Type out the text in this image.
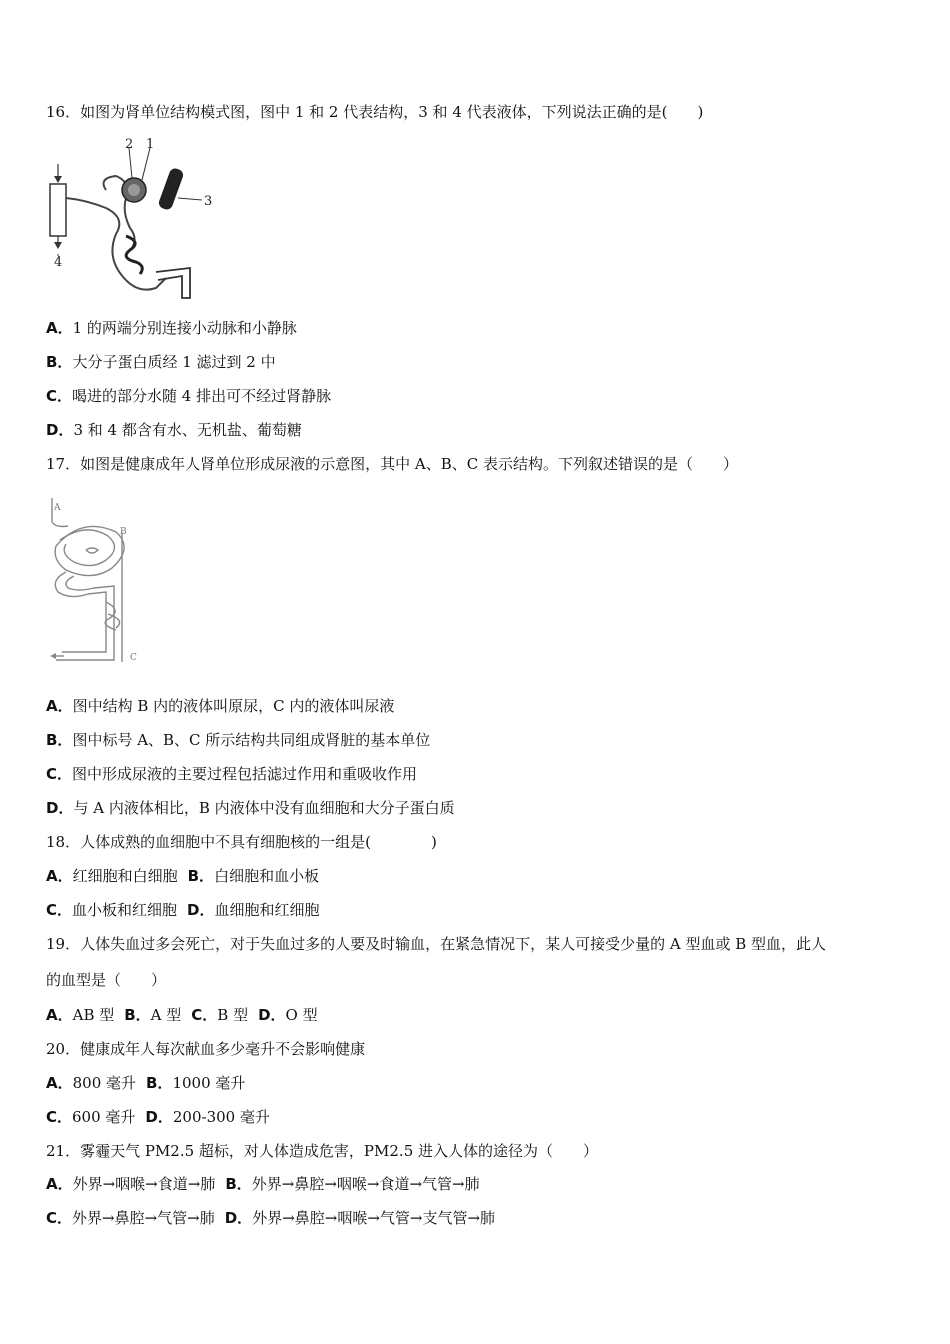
16．如图为肾单位结构模式图，图中 1 和 2 代表结构，3 和 4 代表液体，下列说法正确的是(　　)
2 1
3
4
A．1 的两端分别连接小动脉和小静脉
B．大分子蛋白质经 1 滤过到 2 中
C．喝进的部分水随 4 排出可不经过肾静脉
D．3 和 4 都含有水、无机盐、葡萄糖
17．如图是健康成年人肾单位形成尿液的示意图，其中 A、B、C 表示结构。下列叙述错误的是（　　）
A
B
C
A．图中结构 B 内的液体叫原尿，C 内的液体叫尿液
B．图中标号 A、B、C 所示结构共同组成肾脏的基本单位
C．图中形成尿液的主要过程包括滤过作用和重吸收作用
D．与 A 内液体相比，B 内液体中没有血细胞和大分子蛋白质
18．人体成熟的血细胞中不具有细胞核的一组是(　　　　)
A．红细胞和白细胞 B．白细胞和血小板
C．血小板和红细胞 D．血细胞和红细胞
19．人体失血过多会死亡，对于失血过多的人要及时输血，在紧急情况下，某人可接受少量的 A 型血或 B 型血，此人
的血型是（　　）
A．AB 型 B．A 型 C．B 型 D．O 型
20．健康成年人每次献血多少毫升不会影响健康
A．800 毫升 B．1000 毫升
C．600 毫升 D．200-300 毫升
21．雾霾天气 PM2.5 超标，对人体造成危害，PM2.5 进入人体的途径为（　　）
A．外界→咽喉→食道→肺 B．外界→鼻腔→咽喉→食道→气管→肺
C．外界→鼻腔→气管→肺 D．外界→鼻腔→咽喉→气管→支气管→肺
